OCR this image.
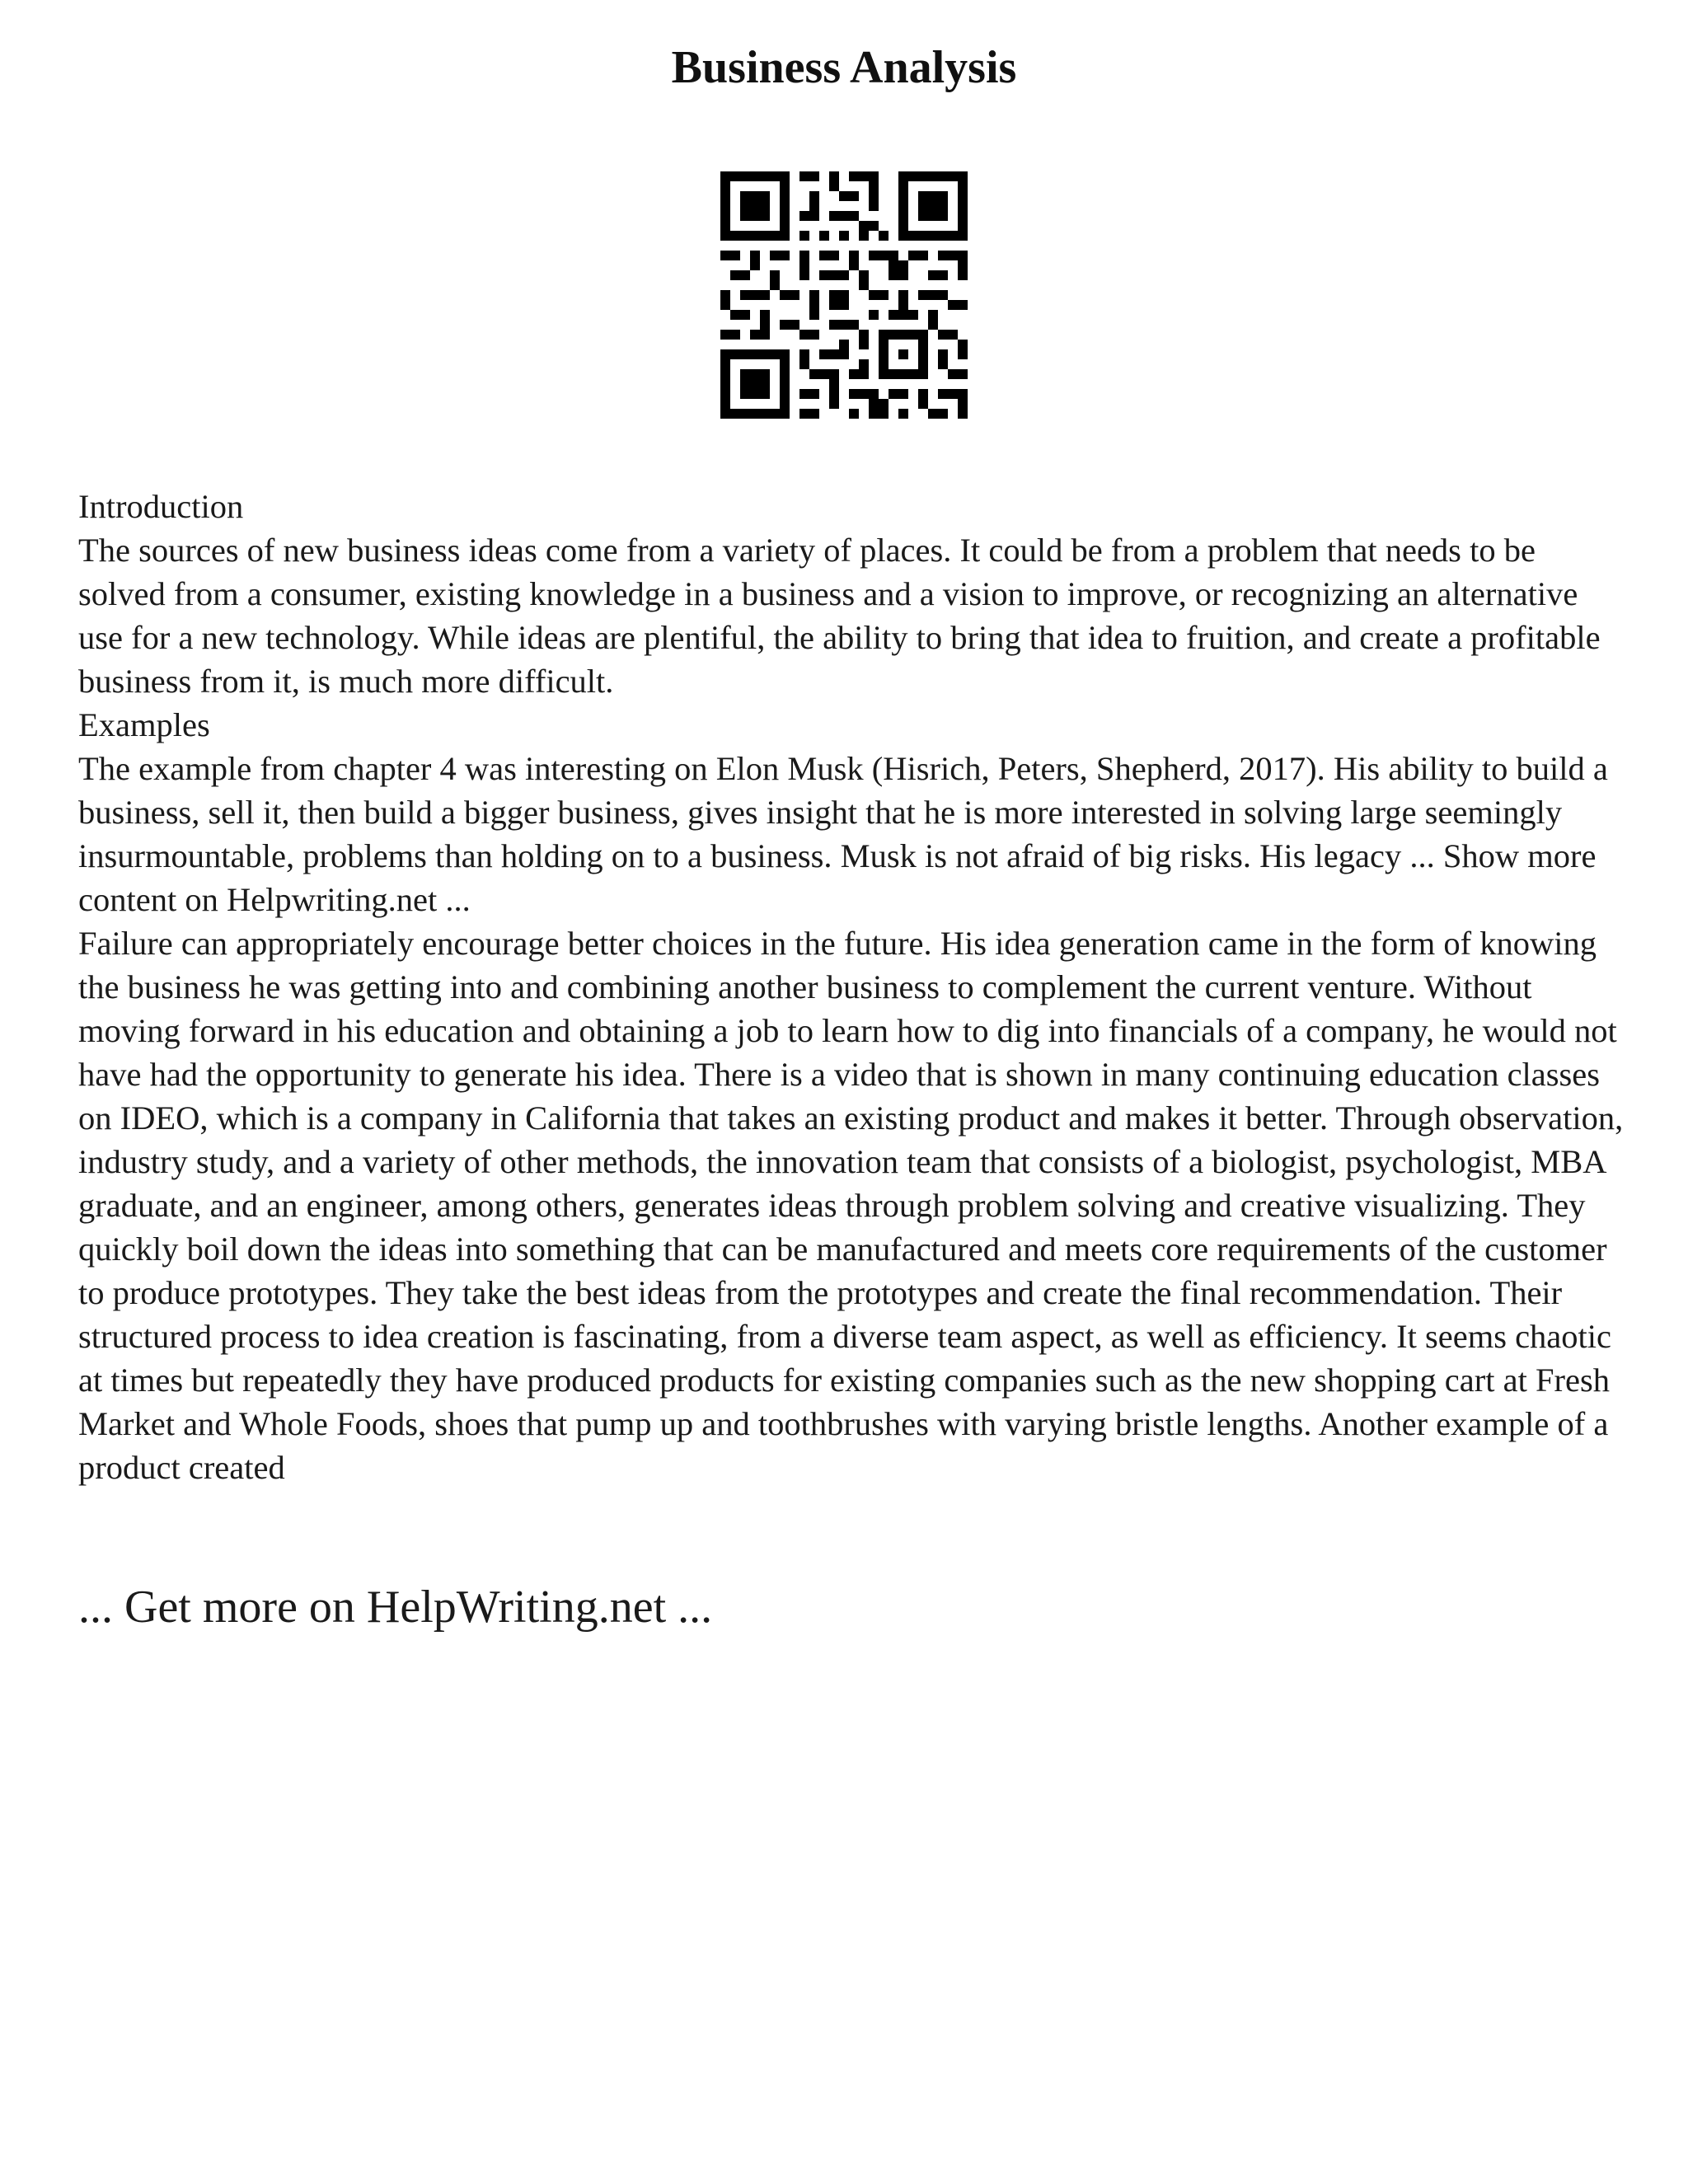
Business Analysis

Introduction

The sources of new business ideas come from a variety of places. It could be from a problem that needs to be solved from a consumer, existing knowledge in a business and a vision to improve, or recognizing an alternative use for a new technology. While ideas are plentiful, the ability to bring that idea to fruition, and create a profitable business from it, is much more difficult.

Examples

The example from chapter 4 was interesting on Elon Musk (Hisrich, Peters, Shepherd, 2017). His ability to build a business, sell it, then build a bigger business, gives insight that he is more interested in solving large seemingly insurmountable, problems than holding on to a business. Musk is not afraid of big risks. His legacy ... Show more content on Helpwriting.net ...

Failure can appropriately encourage better choices in the future. His idea generation came in the form of knowing the business he was getting into and combining another business to complement the current venture. Without moving forward in his education and obtaining a job to learn how to dig into financials of a company, he would not have had the opportunity to generate his idea. There is a video that is shown in many continuing education classes on IDEO, which is a company in California that takes an existing product and makes it better. Through observation, industry study, and a variety of other methods, the innovation team that consists of a biologist, psychologist, MBA graduate, and an engineer, among others, generates ideas through problem solving and creative visualizing. They quickly boil down the ideas into something that can be manufactured and meets core requirements of the customer to produce prototypes. They take the best ideas from the prototypes and create the final recommendation. Their structured process to idea creation is fascinating, from a diverse team aspect, as well as efficiency. It seems chaotic at times but repeatedly they have produced products for existing companies such as the new shopping cart at Fresh Market and Whole Foods, shoes that pump up and toothbrushes with varying bristle lengths. Another example of a product created

... Get more on HelpWriting.net ...
